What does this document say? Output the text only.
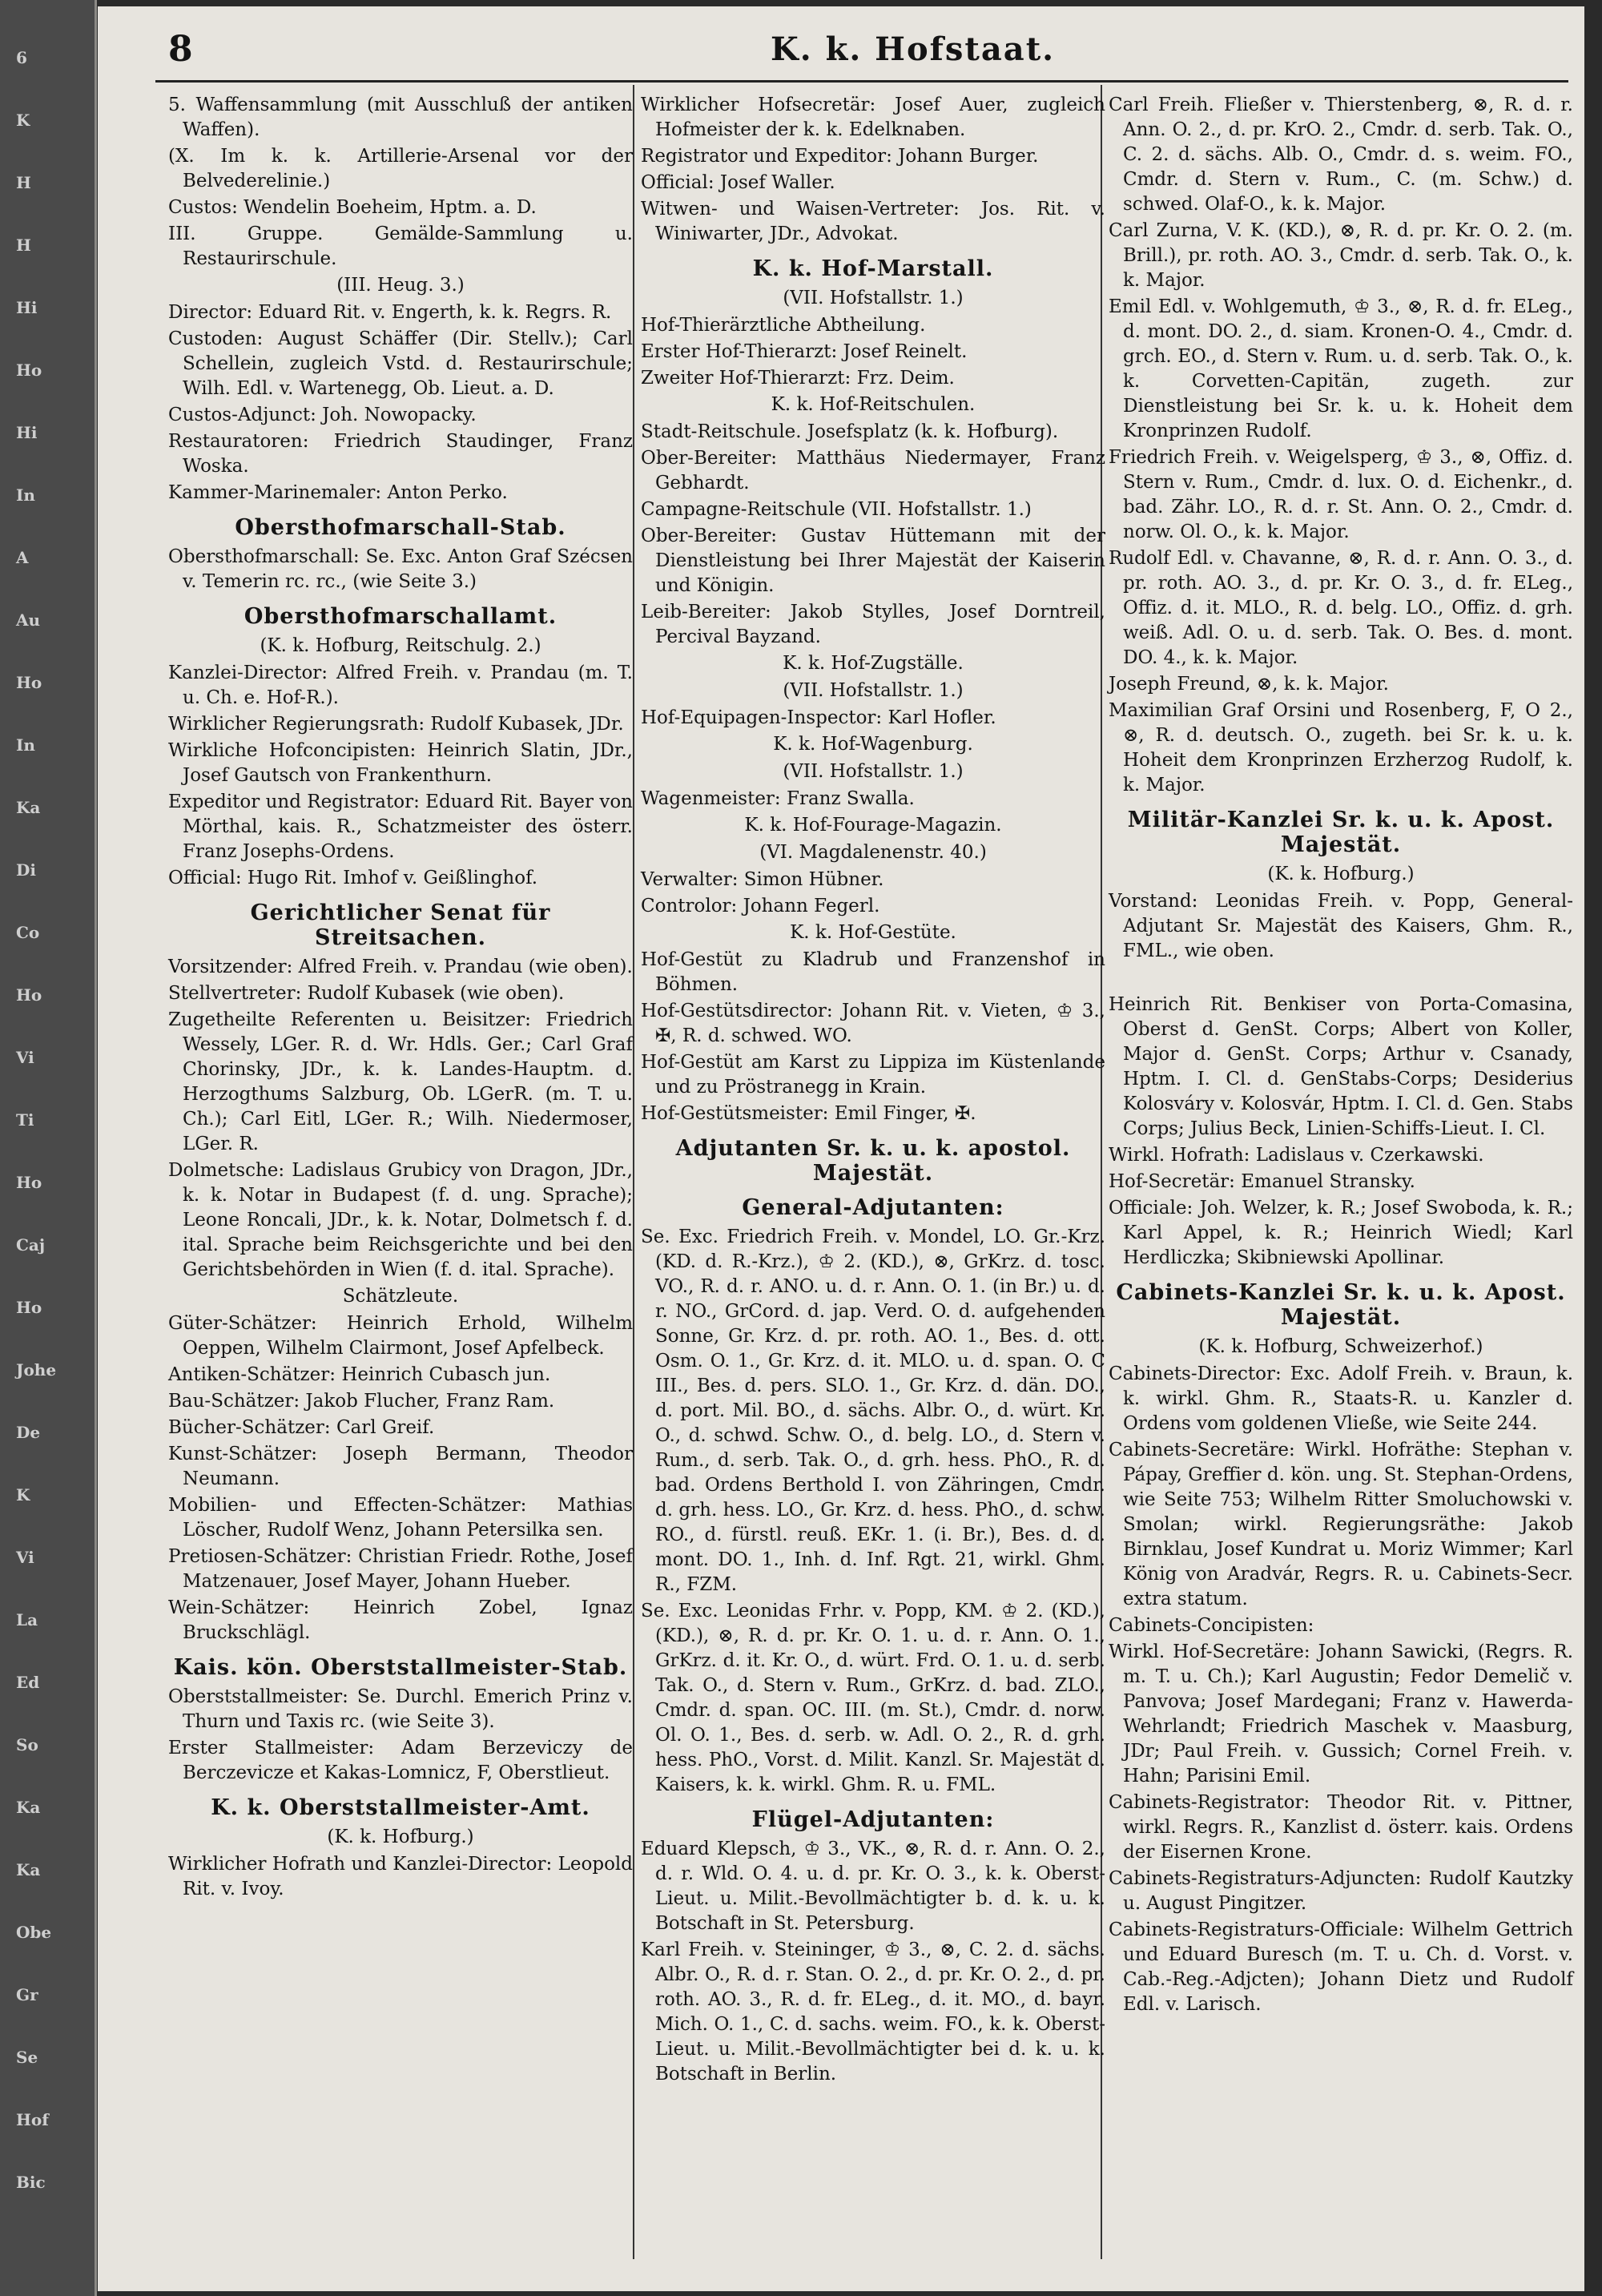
6
K
H
H
Hi
Ho
Hi
In
A
Au
Ho
In
Ka
Di
Co
Ho
Vi
Ti
Ho
Caj
Ho
Johe
De
K
Vi
La
Ed
So
Ka
Ka
Obe
Gr
Se
Hof
Bic
8	K. k. Hofstaat.

5. Waffensammlung (mit Ausschluß der antiken Waffen).

(X. Im k. k. Artillerie-Arsenal vor der Belvederelinie.)

Custos: Wendelin Boeheim, Hptm. a. D.

III. Gruppe. Gemälde-Sammlung u. Restaurirschule.

(III. Heug. 3.)

Director: Eduard Rit. v. Engerth, k. k. Regrs. R.

Custoden: August Schäffer (Dir. Stellv.); Carl Schellein, zugleich Vstd. d. Restaurirschule; Wilh. Edl. v. Wartenegg, Ob. Lieut. a. D.

Custos-Adjunct: Joh. Nowopacky.

Restauratoren: Friedrich Staudinger, Franz Woska.

Kammer-Marinemaler: Anton Perko.

Obersthofmarschall-Stab.

Obersthofmarschall: Se. Exc. Anton Graf Szécsen v. Temerin rc. rc., (wie Seite 3.)

Obersthofmarschallamt.

(K. k. Hofburg, Reitschulg. 2.)

Kanzlei-Director: Alfred Freih. v. Prandau (m. T. u. Ch. e. Hof-R.).

Wirklicher Regierungsrath: Rudolf Kubasek, JDr.

Wirkliche Hofconcipisten: Heinrich Slatin, JDr., Josef Gautsch von Frankenthurn.

Expeditor und Registrator: Eduard Rit. Bayer von Mörthal, kais. R., Schatzmeister des österr. Franz Josephs-Ordens.

Official: Hugo Rit. Imhof v. Geißlinghof.

Gerichtlicher Senat für Streitsachen.

Vorsitzender: Alfred Freih. v. Prandau (wie oben).

Stellvertreter: Rudolf Kubasek (wie oben).

Zugetheilte Referenten u. Beisitzer: Friedrich Wessely, LGer. R. d. Wr. Hdls. Ger.; Carl Graf Chorinsky, JDr., k. k. Landes-Hauptm. d. Herzogthums Salzburg, Ob. LGerR. (m. T. u. Ch.); Carl Eitl, LGer. R.; Wilh. Niedermoser, LGer. R.

Dolmetsche: Ladislaus Grubicy von Dragon, JDr., k. k. Notar in Budapest (f. d. ung. Sprache); Leone Roncali, JDr., k. k. Notar, Dolmetsch f. d. ital. Sprache beim Reichsgerichte und bei den Gerichtsbehörden in Wien (f. d. ital. Sprache).

Schätzleute.

Güter-Schätzer: Heinrich Erhold, Wilhelm Oeppen, Wilhelm Clairmont, Josef Apfelbeck.

Antiken-Schätzer: Heinrich Cubasch jun.

Bau-Schätzer: Jakob Flucher, Franz Ram.

Bücher-Schätzer: Carl Greif.

Kunst-Schätzer: Joseph Bermann, Theodor Neumann.

Mobilien- und Effecten-Schätzer: Mathias Löscher, Rudolf Wenz, Johann Petersilka sen.

Pretiosen-Schätzer: Christian Friedr. Rothe, Josef Matzenauer, Josef Mayer, Johann Hueber.

Wein-Schätzer: Heinrich Zobel, Ignaz Bruckschlägl.

Kais. kön. Oberststallmeister-Stab.

Oberststallmeister: Se. Durchl. Emerich Prinz v. Thurn und Taxis rc. (wie Seite 3).

Erster Stallmeister: Adam Berzeviczy de Berczevicze et Kakas-Lomnicz, F, Oberstlieut.

K. k. Oberststallmeister-Amt.

(K. k. Hofburg.)

Wirklicher Hofrath und Kanzlei-Director: Leopold Rit. v. Ivoy.

Wirklicher Hofsecretär: Josef Auer, zugleich Hofmeister der k. k. Edelknaben.

Registrator und Expeditor: Johann Burger.

Official: Josef Waller.

Witwen- und Waisen-Vertreter: Jos. Rit. v. Winiwarter, JDr., Advokat.

K. k. Hof-Marstall.

(VII. Hofstallstr. 1.)

Hof-Thierärztliche Abtheilung.

Erster Hof-Thierarzt: Josef Reinelt.

Zweiter Hof-Thierarzt: Frz. Deim.

K. k. Hof-Reitschulen.

Stadt-Reitschule. Josefsplatz (k. k. Hofburg).

Ober-Bereiter: Matthäus Niedermayer, Franz Gebhardt.

Campagne-Reitschule (VII. Hofstallstr. 1.)

Ober-Bereiter: Gustav Hüttemann mit der Dienstleistung bei Ihrer Majestät der Kaiserin und Königin.

Leib-Bereiter: Jakob Stylles, Josef Dorntreil, Percival Bayzand.

K. k. Hof-Zugställe.

(VII. Hofstallstr. 1.)

Hof-Equipagen-Inspector: Karl Hofler.

K. k. Hof-Wagenburg.

(VII. Hofstallstr. 1.)

Wagenmeister: Franz Swalla.

K. k. Hof-Fourage-Magazin.

(VI. Magdalenenstr. 40.)

Verwalter: Simon Hübner.

Controlor: Johann Fegerl.

K. k. Hof-Gestüte.

Hof-Gestüt zu Kladrub und Franzenshof in Böhmen.

Hof-Gestütsdirector: Johann Rit. v. Vieten, ♔ 3., ✠, R. d. schwed. WO.

Hof-Gestüt am Karst zu Lippiza im Küstenlande und zu Pröstranegg in Krain.

Hof-Gestütsmeister: Emil Finger, ✠.

Adjutanten Sr. k. u. k. apostol. Majestät.
General-Adjutanten:

Se. Exc. Friedrich Freih. v. Mondel, LO. Gr.-Krz. (KD. d. R.-Krz.), ♔ 2. (KD.), ⊗, GrKrz. d. tosc. VO., R. d. r. ANO. u. d. r. Ann. O. 1. (in Br.) u. d. r. NO., GrCord. d. jap. Verd. O. d. aufgehenden Sonne, Gr. Krz. d. pr. roth. AO. 1., Bes. d. ott. Osm. O. 1., Gr. Krz. d. it. MLO. u. d. span. O. C III., Bes. d. pers. SLO. 1., Gr. Krz. d. dän. DO., d. port. Mil. BO., d. sächs. Albr. O., d. würt. Kr. O., d. schwd. Schw. O., d. belg. LO., d. Stern v. Rum., d. serb. Tak. O., d. grh. hess. PhO., R. d. bad. Ordens Berthold I. von Zähringen, Cmdr. d. grh. hess. LO., Gr. Krz. d. hess. PhO., d. schw. RO., d. fürstl. reuß. EKr. 1. (i. Br.), Bes. d. d. mont. DO. 1., Inh. d. Inf. Rgt. 21, wirkl. Ghm. R., FZM.

Se. Exc. Leonidas Frhr. v. Popp, KM. ♔ 2. (KD.), (KD.), ⊗, R. d. pr. Kr. O. 1. u. d. r. Ann. O. 1., GrKrz. d. it. Kr. O., d. würt. Frd. O. 1. u. d. serb. Tak. O., d. Stern v. Rum., GrKrz. d. bad. ZLO., Cmdr. d. span. OC. III. (m. St.), Cmdr. d. norw. Ol. O. 1., Bes. d. serb. w. Adl. O. 2., R. d. grh. hess. PhO., Vorst. d. Milit. Kanzl. Sr. Majestät d. Kaisers, k. k. wirkl. Ghm. R. u. FML.

Flügel-Adjutanten:

Eduard Klepsch, ♔ 3., VK., ⊗, R. d. r. Ann. O. 2., d. r. Wld. O. 4. u. d. pr. Kr. O. 3., k. k. Oberst-Lieut. u. Milit.-Bevollmächtigter b. d. k. u. k. Botschaft in St. Petersburg.

Karl Freih. v. Steininger, ♔ 3., ⊗, C. 2. d. sächs. Albr. O., R. d. r. Stan. O. 2., d. pr. Kr. O. 2., d. pr. roth. AO. 3., R. d. fr. ELeg., d. it. MO., d. bayr. Mich. O. 1., C. d. sachs. weim. FO., k. k. Oberst-Lieut. u. Milit.-Bevollmächtigter bei d. k. u. k. Botschaft in Berlin.

Carl Freih. Fließer v. Thierstenberg, ⊗, R. d. r. Ann. O. 2., d. pr. KrO. 2., Cmdr. d. serb. Tak. O., C. 2. d. sächs. Alb. O., Cmdr. d. s. weim. FO., Cmdr. d. Stern v. Rum., C. (m. Schw.) d. schwed. Olaf-O., k. k. Major.

Carl Zurna, V. K. (KD.), ⊗, R. d. pr. Kr. O. 2. (m. Brill.), pr. roth. AO. 3., Cmdr. d. serb. Tak. O., k. k. Major.

Emil Edl. v. Wohlgemuth, ♔ 3., ⊗, R. d. fr. ELeg., d. mont. DO. 2., d. siam. Kronen-O. 4., Cmdr. d. grch. EO., d. Stern v. Rum. u. d. serb. Tak. O., k. k. Corvetten-Capitän, zugeth. zur Dienstleistung bei Sr. k. u. k. Hoheit dem Kronprinzen Rudolf.

Friedrich Freih. v. Weigelsperg, ♔ 3., ⊗, Offiz. d. Stern v. Rum., Cmdr. d. lux. O. d. Eichenkr., d. bad. Zähr. LO., R. d. r. St. Ann. O. 2., Cmdr. d. norw. Ol. O., k. k. Major.

Rudolf Edl. v. Chavanne, ⊗, R. d. r. Ann. O. 3., d. pr. roth. AO. 3., d. pr. Kr. O. 3., d. fr. ELeg., Offiz. d. it. MLO., R. d. belg. LO., Offiz. d. grh. weiß. Adl. O. u. d. serb. Tak. O. Bes. d. mont. DO. 4., k. k. Major.

Joseph Freund, ⊗, k. k. Major.

Maximilian Graf Orsini und Rosenberg, F, O 2., ⊗, R. d. deutsch. O., zugeth. bei Sr. k. u. k. Hoheit dem Kronprinzen Erzherzog Rudolf, k. k. Major.

Militär-Kanzlei Sr. k. u. k. Apost. Majestät.

(K. k. Hofburg.)

Vorstand: Leonidas Freih. v. Popp, General-Adjutant Sr. Majestät des Kaisers, Ghm. R., FML., wie oben.

Heinrich Rit. Benkiser von Porta-Comasina, Oberst d. GenSt. Corps; Albert von Koller, Major d. GenSt. Corps; Arthur v. Csanady, Hptm. I. Cl. d. GenStabs-Corps; Desiderius Kolosváry v. Kolosvár, Hptm. I. Cl. d. Gen. Stabs Corps; Julius Beck, Linien-Schiffs-Lieut. I. Cl.

Wirkl. Hofrath: Ladislaus v. Czerkawski.

Hof-Secretär: Emanuel Stransky.

Officiale: Joh. Welzer, k. R.; Josef Swoboda, k. R.; Karl Appel, k. R.; Heinrich Wiedl; Karl Herdliczka; Skibniewski Apollinar.

Cabinets-Kanzlei Sr. k. u. k. Apost. Majestät.

(K. k. Hofburg, Schweizerhof.)

Cabinets-Director: Exc. Adolf Freih. v. Braun, k. k. wirkl. Ghm. R., Staats-R. u. Kanzler d. Ordens vom goldenen Vließe, wie Seite 244.

Cabinets-Secretäre: Wirkl. Hofräthe: Stephan v. Pápay, Greffier d. kön. ung. St. Stephan-Ordens, wie Seite 753; Wilhelm Ritter Smoluchowski v. Smolan; wirkl. Regierungsräthe: Jakob Birnklau, Josef Kundrat u. Moriz Wimmer; Karl König von Aradvár, Regrs. R. u. Cabinets-Secr. extra statum.

Cabinets-Concipisten:

Wirkl. Hof-Secretäre: Johann Sawicki, (Regrs. R. m. T. u. Ch.); Karl Augustin; Fedor Demelič v. Panvova; Josef Mardegani; Franz v. Hawerda-Wehrlandt; Friedrich Maschek v. Maasburg, JDr; Paul Freih. v. Gussich; Cornel Freih. v. Hahn; Parisini Emil.

Cabinets-Registrator: Theodor Rit. v. Pittner, wirkl. Regrs. R., Kanzlist d. österr. kais. Ordens der Eisernen Krone.

Cabinets-Registraturs-Adjuncten: Rudolf Kautzky u. August Pingitzer.

Cabinets-Registraturs-Officiale: Wilhelm Gettrich und Eduard Buresch (m. T. u. Ch. d. Vorst. v. Cab.-Reg.-Adjcten); Johann Dietz und Rudolf Edl. v. Larisch.
